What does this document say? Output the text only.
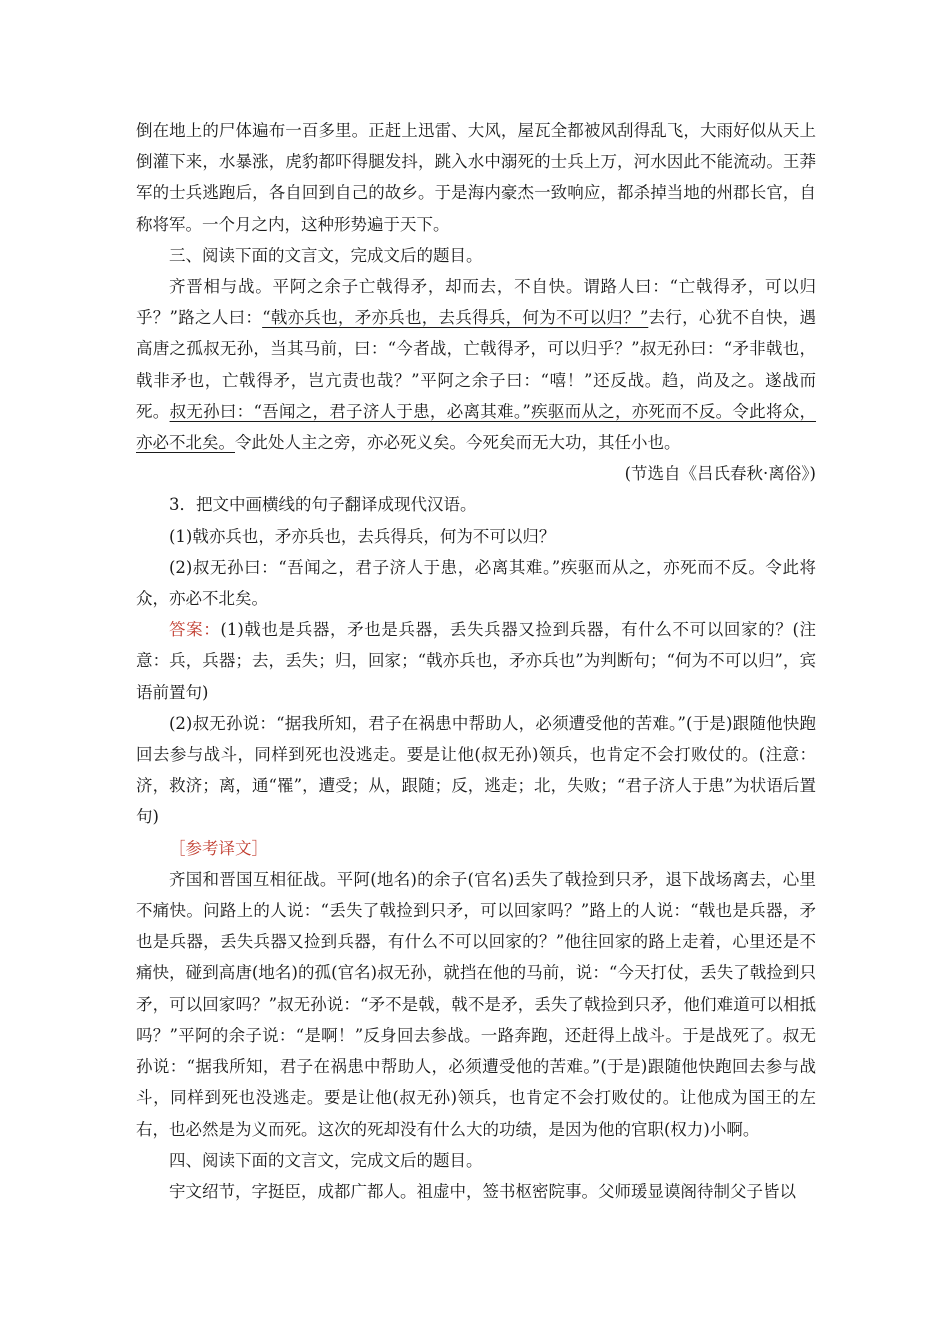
倒在地上的尸体遍布一百多里。正赶上迅雷、大风，屋瓦全都被风刮得乱飞，大雨好似从天上倒灌下来，水暴涨，虎豹都吓得腿发抖，跳入水中溺死的士兵上万，河水因此不能流动。王莽军的士兵逃跑后，各自回到自己的故乡。于是海内豪杰一致响应，都杀掉当地的州郡长官，自称将军。一个月之内，这种形势遍于天下。

三、阅读下面的文言文，完成文后的题目。

齐晋相与战。平阿之余子亡戟得矛，却而去，不自快。谓路人曰：“亡戟得矛，可以归乎？”路之人曰：“戟亦兵也，矛亦兵也，去兵得兵，何为不可以归？”去行，心犹不自快，遇高唐之孤叔无孙，当其马前，曰：“今者战，亡戟得矛，可以归乎？”叔无孙曰：“矛非戟也，戟非矛也，亡戟得矛，岂亢责也哉？”平阿之余子曰：“嘻！”还反战。趋，尚及之。遂战而死。叔无孙曰：“吾闻之，君子济人于患，必离其难。”疾驱而从之，亦死而不反。令此将众，亦必不北矣。令此处人主之旁，亦必死义矣。今死矣而无大功，其任小也。

(节选自《吕氏春秋·离俗》)

3．把文中画横线的句子翻译成现代汉语。

(1)戟亦兵也，矛亦兵也，去兵得兵，何为不可以归？

(2)叔无孙曰：“吾闻之，君子济人于患，必离其难。”疾驱而从之，亦死而不反。令此将众，亦必不北矣。

答案：(1)戟也是兵器，矛也是兵器，丢失兵器又捡到兵器，有什么不可以回家的？(注意：兵，兵器；去，丢失；归，回家；“戟亦兵也，矛亦兵也”为判断句；“何为不可以归”，宾语前置句)

(2)叔无孙说：“据我所知，君子在祸患中帮助人，必须遭受他的苦难。”(于是)跟随他快跑回去参与战斗，同样到死也没逃走。要是让他(叔无孙)领兵，也肯定不会打败仗的。(注意：济，救济；离，通“罹”，遭受；从，跟随；反，逃走；北，失败；“君子济人于患”为状语后置句)

［参考译文］

齐国和晋国互相征战。平阿(地名)的余子(官名)丢失了戟捡到只矛，退下战场离去，心里不痛快。问路上的人说：“丢失了戟捡到只矛，可以回家吗？”路上的人说：“戟也是兵器，矛也是兵器，丢失兵器又捡到兵器，有什么不可以回家的？”他往回家的路上走着，心里还是不痛快，碰到高唐(地名)的孤(官名)叔无孙，就挡在他的马前，说：“今天打仗，丢失了戟捡到只矛，可以回家吗？”叔无孙说：“矛不是戟，戟不是矛，丢失了戟捡到只矛，他们难道可以相抵吗？”平阿的余子说：“是啊！”反身回去参战。一路奔跑，还赶得上战斗。于是战死了。叔无孙说：“据我所知，君子在祸患中帮助人，必须遭受他的苦难。”(于是)跟随他快跑回去参与战斗，同样到死也没逃走。要是让他(叔无孙)领兵，也肯定不会打败仗的。让他成为国王的左右，也必然是为义而死。这次的死却没有什么大的功绩，是因为他的官职(权力)小啊。

四、阅读下面的文言文，完成文后的题目。

宇文绍节，字挺臣，成都广都人。祖虚中，签书枢密院事。父师瑗显谟阁待制父子皆以
